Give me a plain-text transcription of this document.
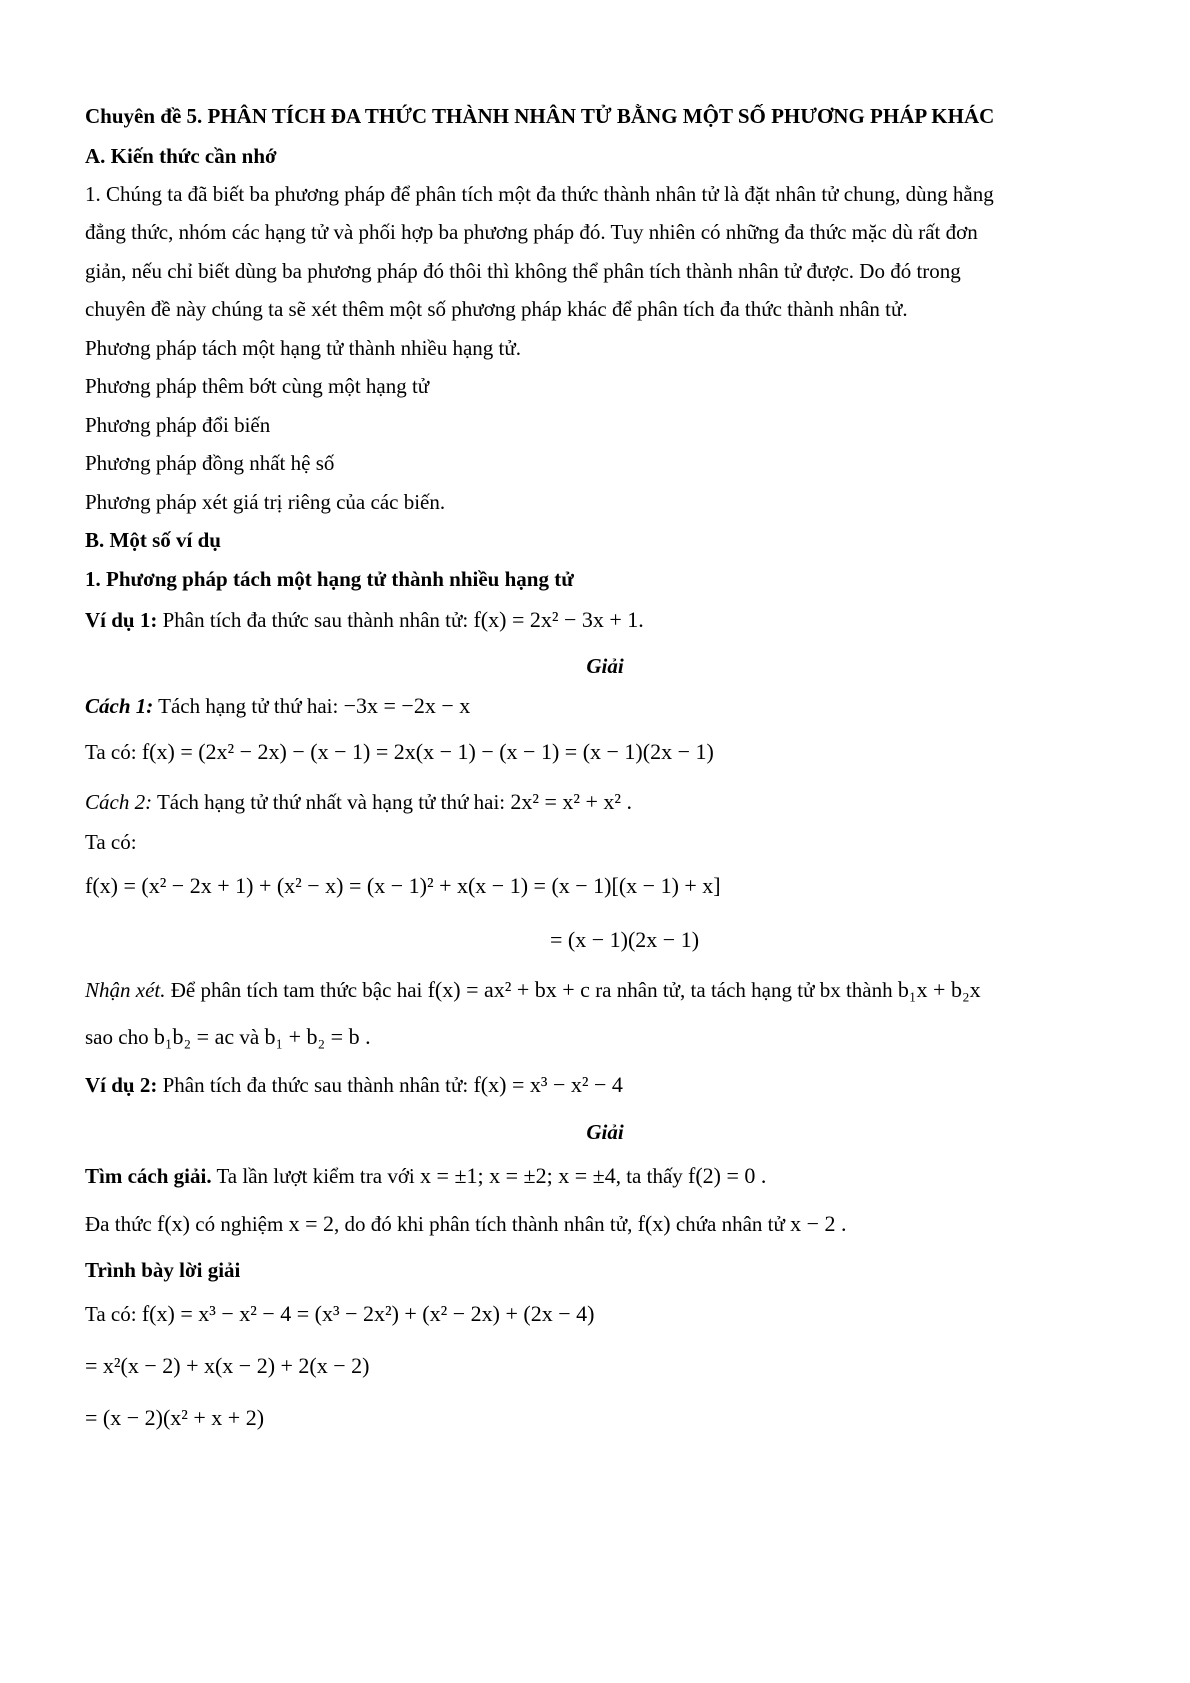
Chuyên đề 5. PHÂN TÍCH ĐA THỨC THÀNH NHÂN TỬ BẰNG MỘT SỐ PHƯƠNG PHÁP KHÁC
A. Kiến thức cần nhớ
1. Chúng ta đã biết ba phương pháp để phân tích một đa thức thành nhân tử là đặt nhân tử chung, dùng hằng
đẳng thức, nhóm các hạng tử và phối hợp ba phương pháp đó. Tuy nhiên có những đa thức mặc dù rất đơn
giản, nếu chỉ biết dùng ba phương pháp đó thôi thì không thể phân tích thành nhân tử được. Do đó trong
chuyên đề này chúng ta sẽ xét thêm một số phương pháp khác để phân tích đa thức thành nhân tử.
Phương pháp tách một hạng tử thành nhiều hạng tử.
Phương pháp thêm bớt cùng một hạng tử
Phương pháp đổi biến
Phương pháp đồng nhất hệ số
Phương pháp xét giá trị riêng của các biến.
B. Một số ví dụ
1. Phương pháp tách một hạng tử thành nhiều hạng tử
Ví dụ 1: Phân tích đa thức sau thành nhân tử: f(x) = 2x² − 3x + 1.
Giải
Cách 1: Tách hạng tử thứ hai: −3x = −2x − x
Ta có: f(x) = (2x² − 2x) − (x − 1) = 2x(x − 1) − (x − 1) = (x − 1)(2x − 1)
Cách 2: Tách hạng tử thứ nhất và hạng tử thứ hai: 2x² = x² + x² .
Ta có:
f(x) = (x² − 2x + 1) + (x² − x) = (x − 1)² + x(x − 1) = (x − 1)[(x − 1) + x]
= (x − 1)(2x − 1)
Nhận xét. Để phân tích tam thức bậc hai f(x) = ax² + bx + c ra nhân tử, ta tách hạng tử bx thành b₁x + b₂x
sao cho b₁b₂ = ac và b₁ + b₂ = b .
Ví dụ 2: Phân tích đa thức sau thành nhân tử: f(x) = x³ − x² − 4
Giải
Tìm cách giải. Ta lần lượt kiểm tra với x = ±1; x = ±2; x = ±4, ta thấy f(2) = 0 .
Đa thức f(x) có nghiệm x = 2, do đó khi phân tích thành nhân tử, f(x) chứa nhân tử x − 2 .
Trình bày lời giải
Ta có: f(x) = x³ − x² − 4 = (x³ − 2x²) + (x² − 2x) + (2x − 4)
= x²(x − 2) + x(x − 2) + 2(x − 2)
= (x − 2)(x² + x + 2)
